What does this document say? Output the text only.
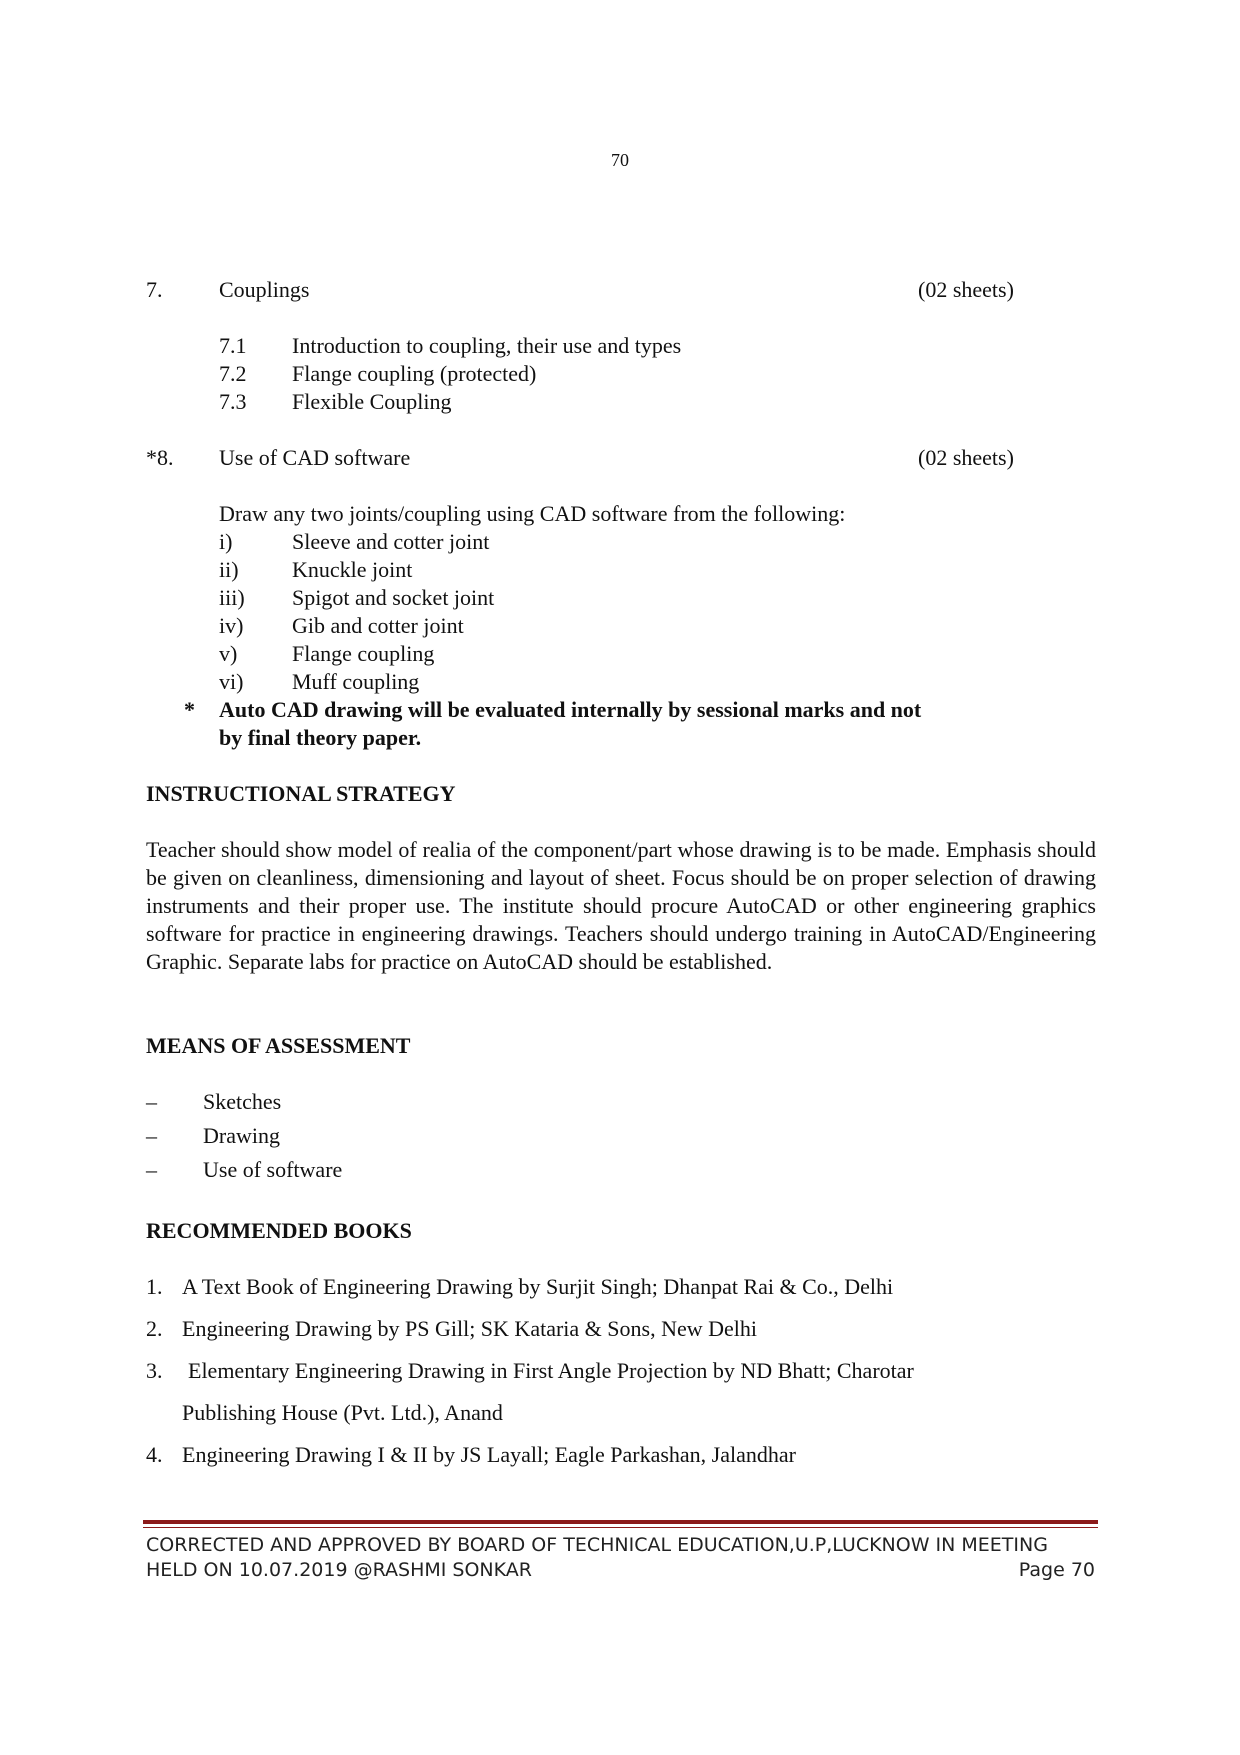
70
7.	Couplings	(02 sheets)
7.1 Introduction to coupling, their use and types
7.2 Flange coupling (protected)
7.3 Flexible Coupling
*8. Use of CAD software	(02 sheets)
Draw any two joints/coupling using CAD software from the following:
i)	Sleeve and cotter joint
ii) Knuckle joint
iii) Spigot and socket joint
iv) Gib and cotter joint
v) Flange coupling
vi) Muff coupling
* Auto CAD drawing will be evaluated internally by sessional marks and not
by final theory paper.
INSTRUCTIONAL STRATEGY
Teacher should show model of realia of the component/part whose drawing is to be made. Emphasis should be given on cleanliness, dimensioning and layout of sheet. Focus should be on proper selection of drawing instruments and their proper use. The institute should procure AutoCAD or other engineering graphics software for practice in engineering drawings. Teachers should undergo training in AutoCAD/Engineering Graphic. Separate labs for practice on AutoCAD should be established.
MEANS OF ASSESSMENT
– Sketches
– Drawing
– Use of software
RECOMMENDED BOOKS
1. A Text Book of Engineering Drawing by Surjit Singh; Dhanpat Rai & Co., Delhi
2. Engineering Drawing by PS Gill; SK Kataria & Sons, New Delhi
3. Elementary Engineering Drawing in First Angle Projection by ND Bhatt; Charotar
Publishing House (Pvt. Ltd.), Anand
4. Engineering Drawing I & II by JS Layall; Eagle Parkashan, Jalandhar
CORRECTED AND APPROVED BY BOARD OF TECHNICAL EDUCATION,U.P,LUCKNOW IN MEETING
HELD ON 10.07.2019 @RASHMI SONKAR	Page 70
